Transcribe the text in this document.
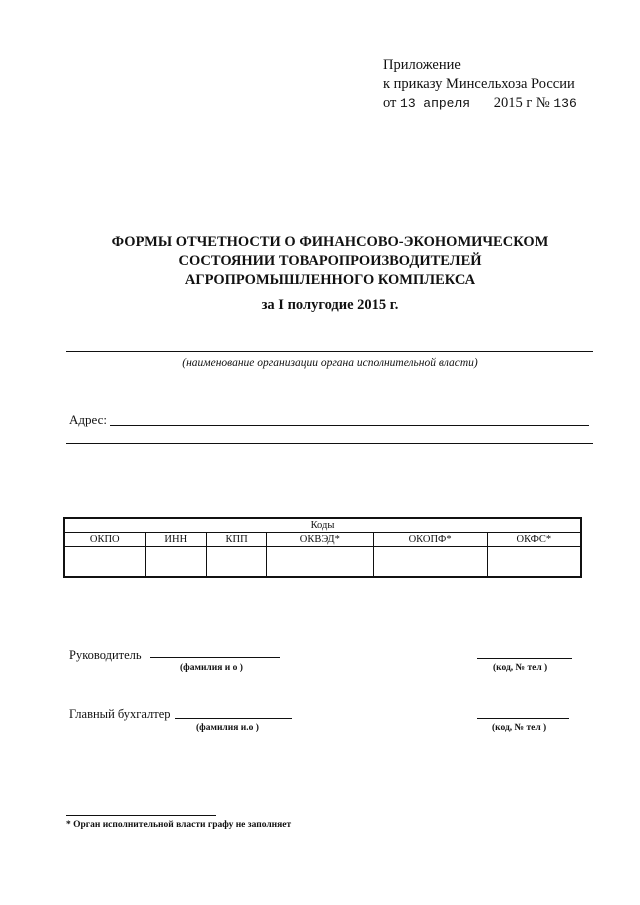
Приложение
к приказу Минсельхоза России
от 13 апреля 2015 г № 136
ФОРМЫ ОТЧЕТНОСТИ О ФИНАНСОВО-ЭКОНОМИЧЕСКОМ
СОСТОЯНИИ ТОВАРОПРОИЗВОДИТЕЛЕЙ
АГРОПРОМЫШЛЕННОГО КОМПЛЕКСА
за I полугодие 2015 г.
(наименование организации органа исполнительной власти)
Адрес:
Коды					
ОКПО	ИНН	КПП	ОКВЭД*	ОКОПФ*	ОКФС*

Руководитель
(фамилия и о )	(код, № тел )
Главный бухгалтер
(фамилия и.о )	(код, № тел )
* Орган исполнительной власти графу не заполняет
